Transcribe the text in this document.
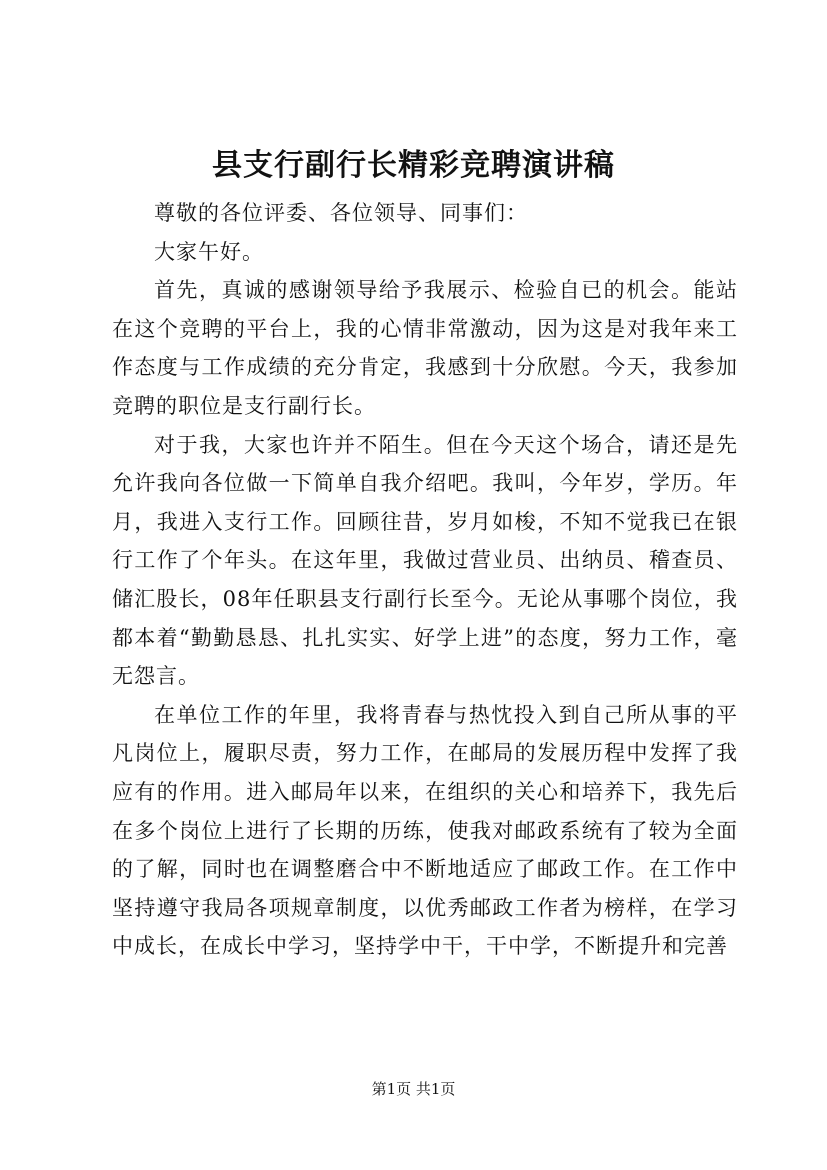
县支行副行长精彩竞聘演讲稿

尊敬的各位评委、各位领导、同事们：

大家午好。

首先，真诚的感谢领导给予我展示、检验自已的机会。能站在这个竞聘的平台上，我的心情非常激动，因为这是对我年来工作态度与工作成绩的充分肯定，我感到十分欣慰。今天，我参加竞聘的职位是支行副行长。

对于我，大家也许并不陌生。但在今天这个场合，请还是先允许我向各位做一下简单自我介绍吧。我叫，今年岁，学历。年月，我进入支行工作。回顾往昔，岁月如梭，不知不觉我已在银行工作了个年头。在这年里，我做过营业员、出纳员、稽查员、储汇股长，08年任职县支行副行长至今。无论从事哪个岗位，我都本着“勤勤恳恳、扎扎实实、好学上进”的态度，努力工作，毫无怨言。

在单位工作的年里，我将青春与热忱投入到自己所从事的平凡岗位上，履职尽责，努力工作，在邮局的发展历程中发挥了我应有的作用。进入邮局年以来，在组织的关心和培养下，我先后在多个岗位上进行了长期的历练，使我对邮政系统有了较为全面的了解，同时也在调整磨合中不断地适应了邮政工作。在工作中坚持遵守我局各项规章制度，以优秀邮政工作者为榜样，在学习中成长，在成长中学习，坚持学中干，干中学，不断提升和完善

第1页 共1页
